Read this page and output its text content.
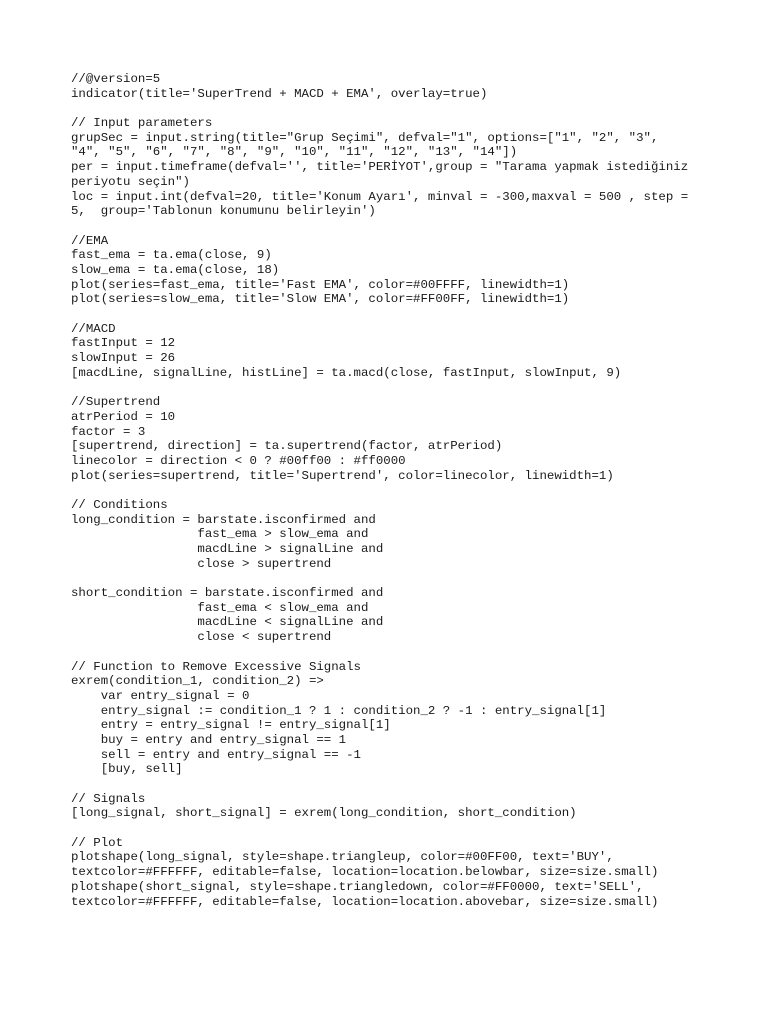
//@version=5
indicator(title='SuperTrend + MACD + EMA', overlay=true)
// Input parameters
grupSec = input.string(title="Grup Seçimi", defval="1", options=["1", "2", "3",
"4", "5", "6", "7", "8", "9", "10", "11", "12", "13", "14"])
per = input.timeframe(defval='', title='PERİYOT',group = "Tarama yapmak istediğiniz
periyotu seçin")
loc = input.int(defval=20, title='Konum Ayarı', minval = -300,maxval = 500 , step =
5,  group='Tablonun konumunu belirleyin')
//EMA
fast_ema = ta.ema(close, 9)
slow_ema = ta.ema(close, 18)
plot(series=fast_ema, title='Fast EMA', color=#00FFFF, linewidth=1)
plot(series=slow_ema, title='Slow EMA', color=#FF00FF, linewidth=1)
//MACD
fastInput = 12
slowInput = 26
[macdLine, signalLine, histLine] = ta.macd(close, fastInput, slowInput, 9)
//Supertrend
atrPeriod = 10
factor = 3
[supertrend, direction] = ta.supertrend(factor, atrPeriod)
linecolor = direction < 0 ? #00ff00 : #ff0000
plot(series=supertrend, title='Supertrend', color=linecolor, linewidth=1)
// Conditions
long_condition = barstate.isconfirmed and
fast_ema > slow_ema and
macdLine > signalLine and
close > supertrend
short_condition = barstate.isconfirmed and
fast_ema < slow_ema and
macdLine < signalLine and
close < supertrend
// Function to Remove Excessive Signals
exrem(condition_1, condition_2) =>
var entry_signal = 0
entry_signal := condition_1 ? 1 : condition_2 ? -1 : entry_signal[1]
entry = entry_signal != entry_signal[1]
buy = entry and entry_signal == 1
sell = entry and entry_signal == -1
[buy, sell]
// Signals
[long_signal, short_signal] = exrem(long_condition, short_condition)
// Plot
plotshape(long_signal, style=shape.triangleup, color=#00FF00, text='BUY',
textcolor=#FFFFFF, editable=false, location=location.belowbar, size=size.small)
plotshape(short_signal, style=shape.triangledown, color=#FF0000, text='SELL',
textcolor=#FFFFFF, editable=false, location=location.abovebar, size=size.small)
